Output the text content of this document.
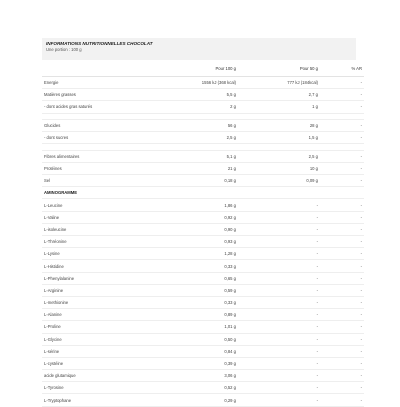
INFORMATIONS NUTRITIONNELLES CHOCOLAT
Une portion : 100 g
	Pour 100 g	Pour 50 g	% AR
Energie	1556 kJ (368 kcal)	777 kJ (184kcal)	-
Matières grasses	5,5 g	2,7 g	-
- dont acides gras saturés	2 g	1 g	-

Glucides	56 g	28 g	-
- dont sucres	2,5 g	1,5 g	-

Fibres alimentaires	5,1 g	2,5 g	-
Protéines	21 g	10 g	-
Sel	0,18 g	0,09 g	-
AMINOGRAMME			
L-Leucine	1,86 g	-	-
L-Valine	0,92 g	-	-
L-isoleucine	0,90 g	-	-
L-Thréonine	0,93 g	-	-
L-Lysine	1,28 g	-	-
L-Histidine	0,33 g	-	-
L-Phenylalanine	0,65 g	-	-
L-Arginine	0,59 g	-	-
L-methionine	0,33 g	-	-
L-Alanine	0,89 g	-	-
L-Proline	1,01 g	-	-
L-Glycine	0,50 g	-	-
L-sérine	0,84 g	-	-
L-cystéine	0,39 g	-	-
acide glutamique	3,06 g	-	-
L-Tyrosine	0,52 g	-	-
L-Tryptophane	0,29 g	-	-
